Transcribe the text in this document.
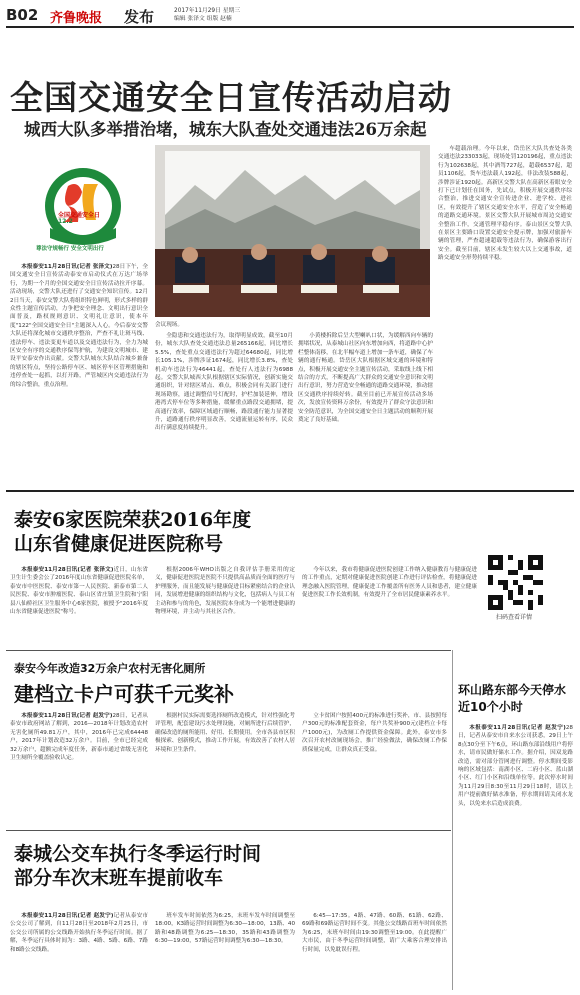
B02 齐鲁晚报 发布	2017年11月29日 星期三
编辑 张泽文 组版 赵楠
全国交通安全日宣传活动启动
城西大队多举措治堵，城东大队查处交通违法26万余起
全国交通安全日
12.2
尊法守规畅行 安全文明出行
会议现场。

本报泰安11月28日讯(记者 张泽文)28日下午，全国交通安全日宣传活动泰安市启动仪式在万达广场举行，为期一个月的全国交通安全日宣传活动拉开序幕。活动现场，交警大队还进行了交通安全知识宣传。12月2日当天，泰安交警大队将组织特色鲜明，形式多样的群众性主题宣传活动，力争把安全理念、文明出行意识全面普及，路权规则意识、文明礼让意识，使本年度"122"全国交通安全日"主题深入人心。今后泰安交警大队还将深化城市交通秩序整治，严查不礼让斑马线、违法停车、违法变更车道以及交通违法行为，全力为城区安全有序的交通秩序保驾护航，为建设文明城市、建设平安泰安作出贡献。交警大队城东大队结合城乡兼备的辖区特点，坚持公路停车区、城区停车区管理措施和违停查处一起抓，以打开路，严管城区内交通违法行为的综合整治，重点治理。

全隐患和交通违法行为，取得明显成效，截至10月份，城东大队查处交通违法总量265166起，同比增长5.5%，查处重点交通违法行为超过64680起，同比增长105.1%，涉牌涉证1674起，同比增长3.8%，查处机动车违法行为46441起，查处行人违法行为6988起。交警大队城西大队根据辖区实际情况，创新实施交通组织，针对辖区堵点、难点，积极会同有关部门进行现场勘察，通过调整信号灯配时，护栏加装延伸，增设港湾式停车位等多种措施，缓解重点路段交通拥堵，提高通行效率，保障区域通行顺畅，路段通行能力显著提升，道路通行秩序明显改善，交通流量运转有序，民众出行满意度持续提升。

小黄楼拆除后呈大型喇叭口状，为缓解西向车辆的拥堵状况，从泰城山社区向东增加向西，将道路中心护栏整体南移，在北半幅车道上增加一条车道，确保了车辆的通行畅通。岱岳区大队根据区域交通的环境和特点，积极开展交通安全主题宣传活动，采取线上线下相结合的方式，不断提高广大群众的交通安全意识和文明出行意识，努力营造安全畅通的道路交通环境，推动辖区交通秩序持续好转。截至目前已开展宣传活动多场次，发放宣传资料万余份，有效提升了群众守法意识和安全防范意识，为全国交通安全日主题活动的顺利开展奠定了良好基础。

车超载治理。今年以来，岱岳区大队共查处各类交通违法233033起，现场处罚120196起，重点违法行为102638起，其中酒驾727起，超载6537起，超员1106起，货车违法载人192起，非法改装588起，涉牌涉证1920起。高新区交警大队在高新区着眼安全打下已计划任在国务，先试点，积极开展交通秩序综合整治，推进交通安全宣传进企业、进学校、进社区，有效提升了辖区交通安全水平，营造了安全畅通的道路交通环境。景区交警大队开展城市周边交通安全整治工作，交通管理平稳有序。泰山景区交警大队在景区主要路口设置交通安全提示牌，加强对旅游车辆的管理，严查超速超载等违法行为，确保游客出行安全。截至目前，辖区未发生较大以上交通事故，道路交通安全形势持续平稳。

泰安6家医院荣获2016年度
山东省健康促进医院称号

本报泰安11月28日讯(记者 张泽文)近日，山东省卫生计生委会公了2016年度山东省健康促进医院名单，泰安市中医医院、泰安市第一人民医院、新泰市第二人民医院、泰安市肿瘤医院、泰山区省庄镇卫生院和宁阳县八仙桥社区卫生服务中心6家医院，被授予"2016年度山东省健康促进医院"称号。

根据2006年WHO出版之自我评估手册采用的定义，健康促进医院是医院不只提供高品质而全面的医疗与护理服务，而且能发展与健康促进目标紧密结合的企业认同，发展增进健康的组织结构与文化，包括病人与员工有主动和参与的角色，发展医院本身成为一个能增进健康的物理环境，并主动与其社区合作。

今年以来，我市将健康促进医院创建工作纳入健康教育与健康促进的工作重点，定期对健康促进医院创建工作进行评估检查，将健康促进理念融入医院管理，健康促进工作覆盖所有医务人员和患者，建立健康促进医院工作长效机制，有效提升了全市居民健康素养水平。

扫码查看详情
泰安今年改造32万余户农村无害化厕所
建档立卡户可获千元奖补

本报泰安11月28日讯(记者 赵发宁)28日，记者从泰安市政府网站了解到，2016—2018年计划改造农村无害化厕所49.81万户，其中，2016年已完成64448户，2017年计划改造32万余户。目前，全市已经完成32万余户，超额完成年度任务，新泰市通过省级无害化卫生厕所全覆盖验收认定。

根据村民实际需要选择厕所改造模式，针对性强化考评管理，配套建设污水处理设施，对厕所进行后续管护，确保改造的厕所能用、好用、长期使用。全市各县市区积极探索、创新模式，推动工作开展，有效改善了农村人居环境和卫生条件。

立卡贫困户按照400元的标准进行奖补，市、县按照每户300元的标准配套资金，每户共奖补900元(建档立卡每户1000元)，为改厕工作提供资金保障。此外，泰安市多次召开农村改厕现场会，推广经验做法，确保改厕工作保质保量完成，让群众真正受益。

泰城公交车执行冬季运行时间
部分车次末班车提前收车

本报泰安11月28日讯(记者 赵发宁)记者从泰安市公交公司了解到，自11月28日至2018年2月25日，市公交公司所属的公交线路开始执行冬季运行时间。据了解，冬季运行具体时间为：3路、4路、5路、6路、7路和8路公交线路。

班车发车时间依然为6:25，末班车发车时间调整至18:00，K3路运营时间调整为6:30—18:00，13路、40路和48路调整为6:25—18:30，35路和43路调整为6:30—19:00，57路运营时间调整为6:30—18:30。

6:45—17:35。4路、47路、60路、61路、62路、69路和69路运营时间不变。其他公交线路首班车时间依然为6:25，末班车时间由19:30调整至19:00。在此提醒广大市民，由于冬季运营时间调整，请广大乘客合理安排出行时间，以免耽误行程。

环山路东部今天停水近10个小时

本报泰安11月28日讯(记者 赵发宁)28日，记者从泰安市自来水公司获悉，29日上午8点30分至下午6点，环山路东部沿线用户将停水，请市民做好储水工作。据介绍，因双龙路改造，需对部分管网进行调整。停水期间受影响的区域包括：南湖小区、二府小区、蓝山湖小区、红门小区和沿线单位等。此次停水时间为11月29日8:30至11月29日18时，请以上用户提前做好储水准备，停水期间请关闭水龙头，以免来水后造成浪费。
